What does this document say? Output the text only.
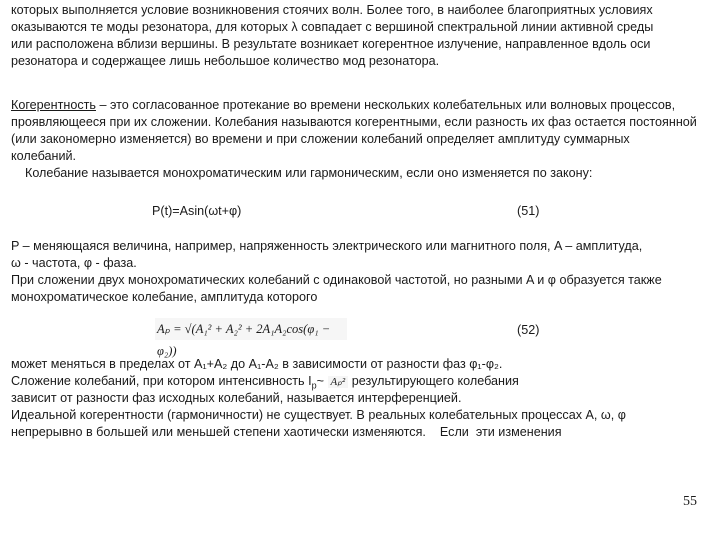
которых выполняется условие возникновения стоячих волн. Более того, в наиболее благоприятных условиях
оказываются те моды резонатора, для которых λ совпадает с вершиной спектральной линии активной среды
или расположена вблизи вершины. В результате возникает когерентное излучение, направленное вдоль оси
резонатора и содержащее лишь небольшое количество мод резонатора.
Когерентность – это согласованное протекание во времени нескольких колебательных или волновых процессов,
проявляющееся при их сложении. Колебания называются когерентными, если разность их фаз остается постоянной
(или закономерно изменяется) во времени и при сложении колебаний определяет амплитуду суммарных
колебаний.
Колебание называется монохроматическим или гармоническим, если оно изменяется по закону:
P(t)=Asin(ωt+φ)	(51)
P – меняющаяся величина, например, напряженность электрического или магнитного поля, A – амплитуда,
ω - частота, φ - фаза.
При сложении двух монохроматических колебаний с одинаковой частотой, но разными A и φ образуется также
монохроматическое колебание, амплитуда которого
Aₚ = √(A₁² + A₂² + 2A₁A₂cos(φ₁ − φ₂))
(52)
может меняться в пределах от A₁+A₂ до A₁-A₂ в зависимости от разности фаз φ₁-φ₂.
Сложение колебаний, при котором интенсивность $I_p\sim$ Aₚ² результирующего колебания
зависит от разности фаз исходных колебаний, называется интерференцией.
Идеальной когерентности (гармоничности) не существует. В реальных колебательных процессах A, ω, φ
непрерывно в большей или меньшей степени хаотически изменяются.    Если  эти изменения
55
